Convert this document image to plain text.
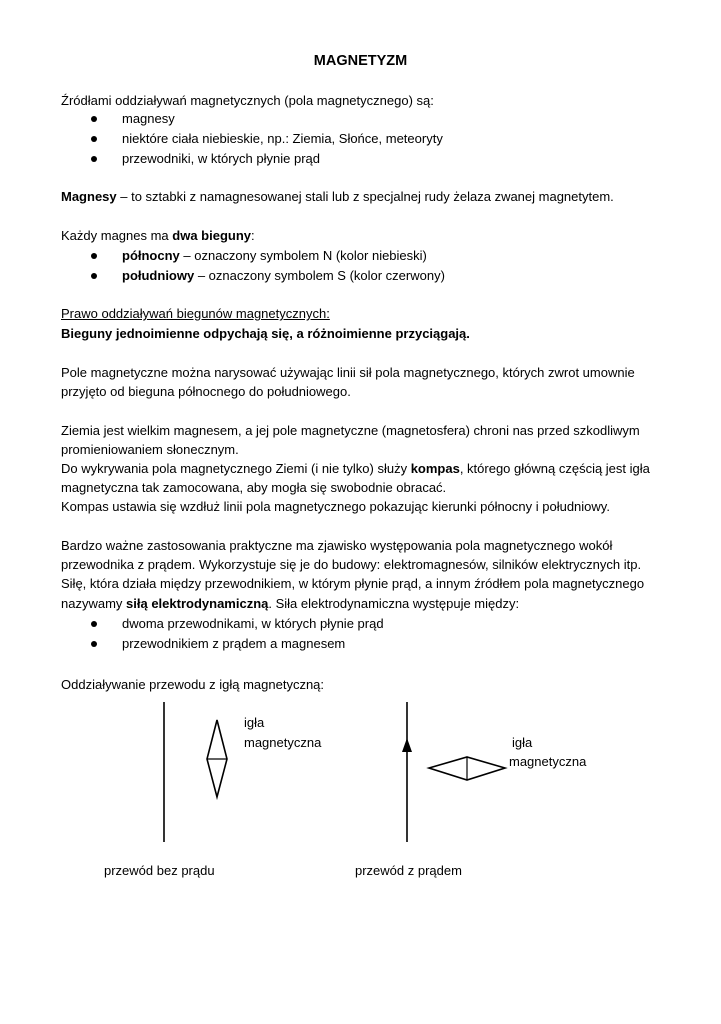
MAGNETYZM
Źródłami oddziaływań magnetycznych (pola magnetycznego) są:
magnesy
niektóre ciała niebieskie, np.: Ziemia, Słońce, meteoryty
przewodniki, w których płynie prąd
Magnesy – to sztabki z namagnesowanej stali lub z specjalnej rudy żelaza zwanej magnetytem.
Każdy magnes ma dwa bieguny:
północny – oznaczony symbolem N (kolor niebieski)
południowy – oznaczony symbolem S (kolor czerwony)
Prawo oddziaływań biegunów magnetycznych:
Bieguny jednoimienne odpychają się, a różnoimienne przyciągają.
Pole magnetyczne można narysować używając linii sił pola magnetycznego, których zwrot umownie
przyjęto od bieguna północnego do południowego.
Ziemia jest wielkim magnesem, a jej pole magnetyczne (magnetosfera) chroni nas przed szkodliwym
promieniowaniem słonecznym.
Do wykrywania pola magnetycznego Ziemi (i nie tylko) służy kompas, którego główną częścią jest igła
magnetyczna tak zamocowana, aby mogła się swobodnie obracać.
Kompas ustawia się wzdłuż linii pola magnetycznego pokazując kierunki północny i południowy.
Bardzo ważne zastosowania praktyczne ma zjawisko występowania pola magnetycznego wokół
przewodnika z prądem. Wykorzystuje się je do budowy: elektromagnesów, silników elektrycznych itp.
Siłę, która działa między przewodnikiem, w którym płynie prąd, a innym źródłem pola magnetycznego
nazywamy siłą elektrodynamiczną. Siła elektrodynamiczna występuje między:
dwoma przewodnikami, w których płynie prąd
przewodnikiem z prądem a magnesem
Oddziaływanie przewodu z igłą magnetyczną:
igła
magnetyczna	igła
magnetyczna
przewód bez prądu	przewód z prądem
